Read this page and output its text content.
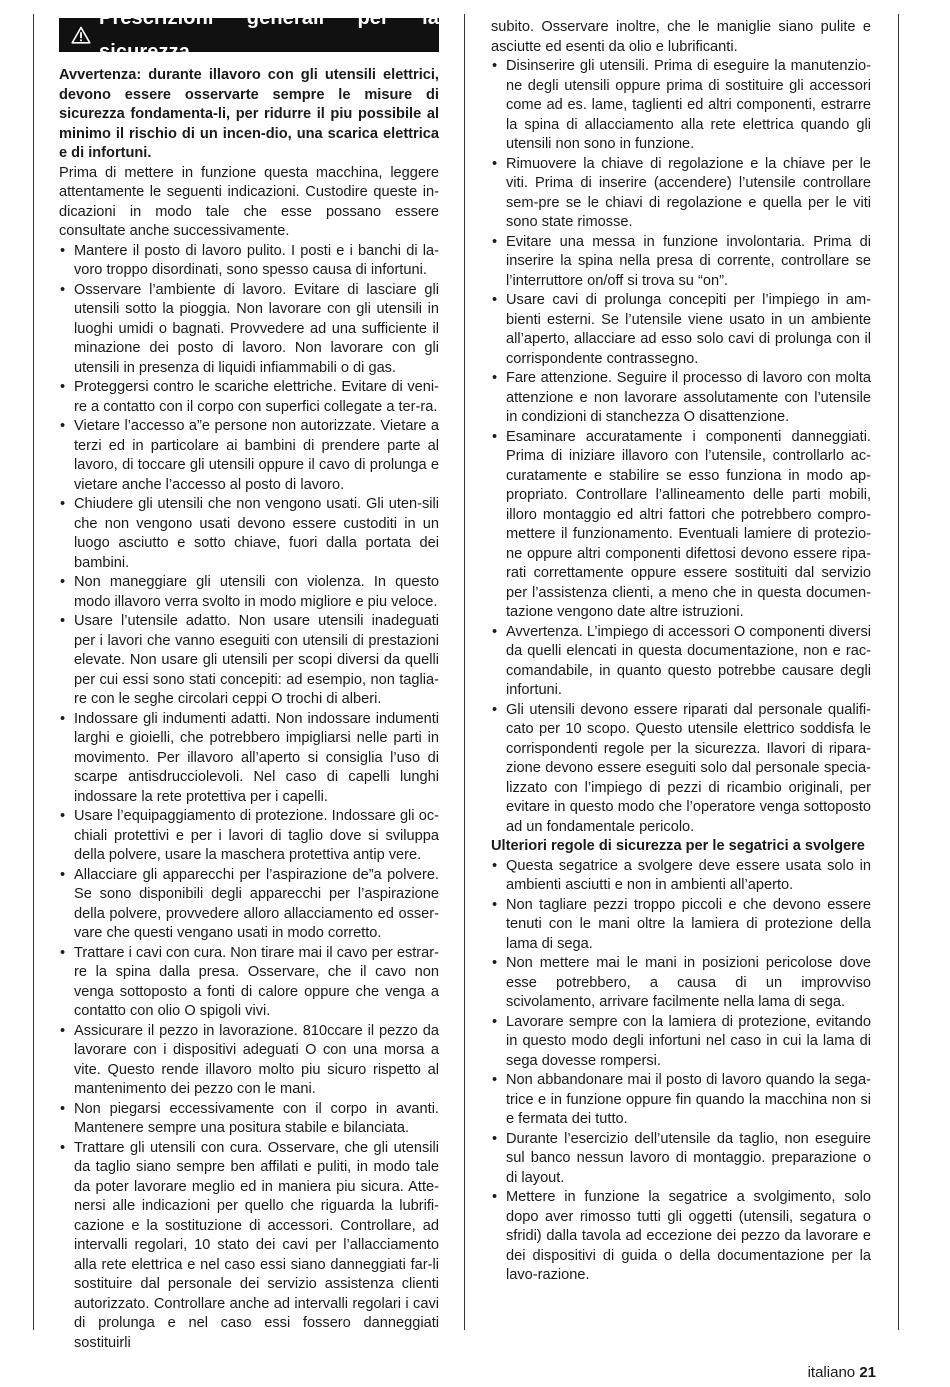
Prescrizioni generali per la sicurezza

Avvertenza: durante illavoro con gli utensili elettrici, devono essere osservarte sempre le misure di sicurezza fondamenta-li, per ridurre il piu possibile al minimo il rischio di un incen-dio, una scarica elettrica e di infortuni.

Prima di mettere in funzione questa macchina, leggere attentamente le seguenti indicazioni. Custodire queste in-dicazioni in modo tale che esse possano essere consultate anche successivamente.

• Mantere il posto di lavoro pulito. I posti e i banchi di la-voro troppo disordinati, sono spesso causa di infortuni.
• Osservare l’ambiente di lavoro. Evitare di lasciare gli utensili sotto la pioggia. Non lavorare con gli utensili in luoghi umidi o bagnati. Provvedere ad una sufficiente il minazione dei posto di lavoro. Non lavorare con gli utensili in presenza di liquidi infiammabili o di gas.
• Proteggersi contro le scariche elettriche. Evitare di veni-re a contatto con il corpo con superfici collegate a ter-ra.
• Vietare l’accesso a”e persone non autorizzate. Vietare a terzi ed in particolare ai bambini di prendere parte al lavoro, di toccare gli utensili oppure il cavo di prolunga e vietare anche l’accesso al posto di lavoro.
• Chiudere gli utensili che non vengono usati. Gli uten-sili che non vengono usati devono essere custoditi in un luogo asciutto e sotto chiave, fuori dalla portata dei bambini.
• Non maneggiare gli utensili con violenza. In questo modo illavoro verra svolto in modo migliore e piu veloce.
• Usare l’utensile adatto. Non usare utensili inadeguati per i lavori che vanno eseguiti con utensili di prestazioni elevate. Non usare gli utensili per scopi diversi da quelli per cui essi sono stati concepiti: ad esempio, non taglia-re con le seghe circolari ceppi O trochi di alberi.
• Indossare gli indumenti adatti. Non indossare indumenti larghi e gioielli, che potrebbero impigliarsi nelle parti in movimento. Per illavoro all’aperto si consiglia l’uso di scarpe antisdrucciolevoli. Nel caso di capelli lunghi indossare la rete protettiva per i capelli.
• Usare l’equipaggiamento di protezione. Indossare gli oc-chiali protettivi e per i lavori di taglio dove si sviluppa della polvere, usare la maschera protettiva antip vere.
• Allacciare gli apparecchi per l’aspirazione de”a polvere. Se sono disponibili degli apparecchi per l’aspirazione della polvere, provvedere alloro allacciamento ed osser-vare che questi vengano usati in modo corretto.
• Trattare i cavi con cura. Non tirare mai il cavo per estrar-re la spina dalla presa. Osservare, che il cavo non venga sottoposto a fonti di calore oppure che venga a contatto con olio O spigoli vivi.
• Assicurare il pezzo in lavorazione. 810ccare il pezzo da lavorare con i dispositivi adeguati O con una morsa a vite. Questo rende illavoro molto piu sicuro rispetto al mantenimento dei pezzo con le mani.
• Non piegarsi eccessivamente con il corpo in avanti. Mantenere sempre una positura stabile e bilanciata.
• Trattare gli utensili con cura. Osservare, che gli utensili da taglio siano sempre ben affilati e puliti, in modo tale da poter lavorare meglio ed in maniera piu sicura. Atte-nersi alle indicazioni per quello che riguarda la lubrifi-cazione e la sostituzione di accessori. Controllare, ad intervalli regolari, 10 stato dei cavi per l’allacciamento alla rete elettrica e nel caso essi siano danneggiati far-li sostituire dal personale dei servizio assistenza clienti autorizzato. Controllare anche ad intervalli regolari i cavi di prolunga e nel caso essi fossero danneggiati sostituirli

subito. Osservare inoltre, che le maniglie siano pulite e asciutte ed esenti da olio e lubrificanti.

• Disinserire gli utensili. Prima di eseguire la manutenzio-ne degli utensili oppure prima di sostituire gli accessori come ad es. lame, taglienti ed altri componenti, estrarre la spina di allacciamento alla rete elettrica quando gli utensili non sono in funzione.
• Rimuovere la chiave di regolazione e la chiave per le viti. Prima di inserire (accendere) l’utensile controllare sem-pre se le chiavi di regolazione e quella per le viti sono state rimosse.
• Evitare una messa in funzione involontaria. Prima di inserire la spina nella presa di corrente, controllare se l’interruttore on/off si trova su “on”.
• Usare cavi di prolunga concepiti per l’impiego in am-bienti esterni. Se l’utensile viene usato in un ambiente all’aperto, allacciare ad esso solo cavi di prolunga con il corrispondente contrassegno.
• Fare attenzione. Seguire il processo di lavoro con molta attenzione e non lavorare assolutamente con l’utensile in condizioni di stanchezza O disattenzione.
• Esaminare accuratamente i componenti danneggiati. Prima di iniziare illavoro con l’utensile, controllarlo ac-curatamente e stabilire se esso funziona in modo ap-propriato. Controllare l’allineamento delle parti mobili, illoro montaggio ed altri fattori che potrebbero compro-mettere il funzionamento. Eventuali lamiere di protezio-ne oppure altri componenti difettosi devono essere ripa-rati correttamente oppure essere sostituiti dal servizio per l’assistenza clienti, a meno che in questa documen-tazione vengono date altre istruzioni.
• Avvertenza. L’impiego di accessori O componenti diversi da quelli elencati in questa documentazione, non e rac-comandabile, in quanto questo potrebbe causare degli infortuni.
• Gli utensili devono essere riparati dal personale qualifi-cato per 10 scopo. Questo utensile elettrico soddisfa le corrispondenti regole per la sicurezza. Ilavori di ripara-zione devono essere eseguiti solo dal personale specia-lizzato con l’impiego di pezzi di ricambio originali, per evitare in questo modo che l’operatore venga sottoposto ad un fondamentale pericolo.

Ulteriori regole di sicurezza per le segatrici a svolgere

• Questa segatrice a svolgere deve essere usata solo in ambienti asciutti e non in ambienti all’aperto.
• Non tagliare pezzi troppo piccoli e che devono essere tenuti con le mani oltre la lamiera di protezione della lama di sega.
• Non mettere mai le mani in posizioni pericolose dove esse potrebbero, a causa di un improvviso scivolamento, arrivare facilmente nella lama di sega.
• Lavorare sempre con la lamiera di protezione, evitando in questo modo degli infortuni nel caso in cui la lama di sega dovesse rompersi.
• Non abbandonare mai il posto di lavoro quando la sega-trice e in funzione oppure fin quando la macchina non si e fermata dei tutto.
• Durante l’esercizio dell’utensile da taglio, non eseguire sul banco nessun lavoro di montaggio. preparazione o di layout.
• Mettere in funzione la segatrice a svolgimento, solo dopo aver rimosso tutti gli oggetti (utensili, segatura o sfridi) dalla tavola ad eccezione dei pezzo da lavorare e dei dispositivi di guida o della documentazione per la lavo-razione.
italiano 21
